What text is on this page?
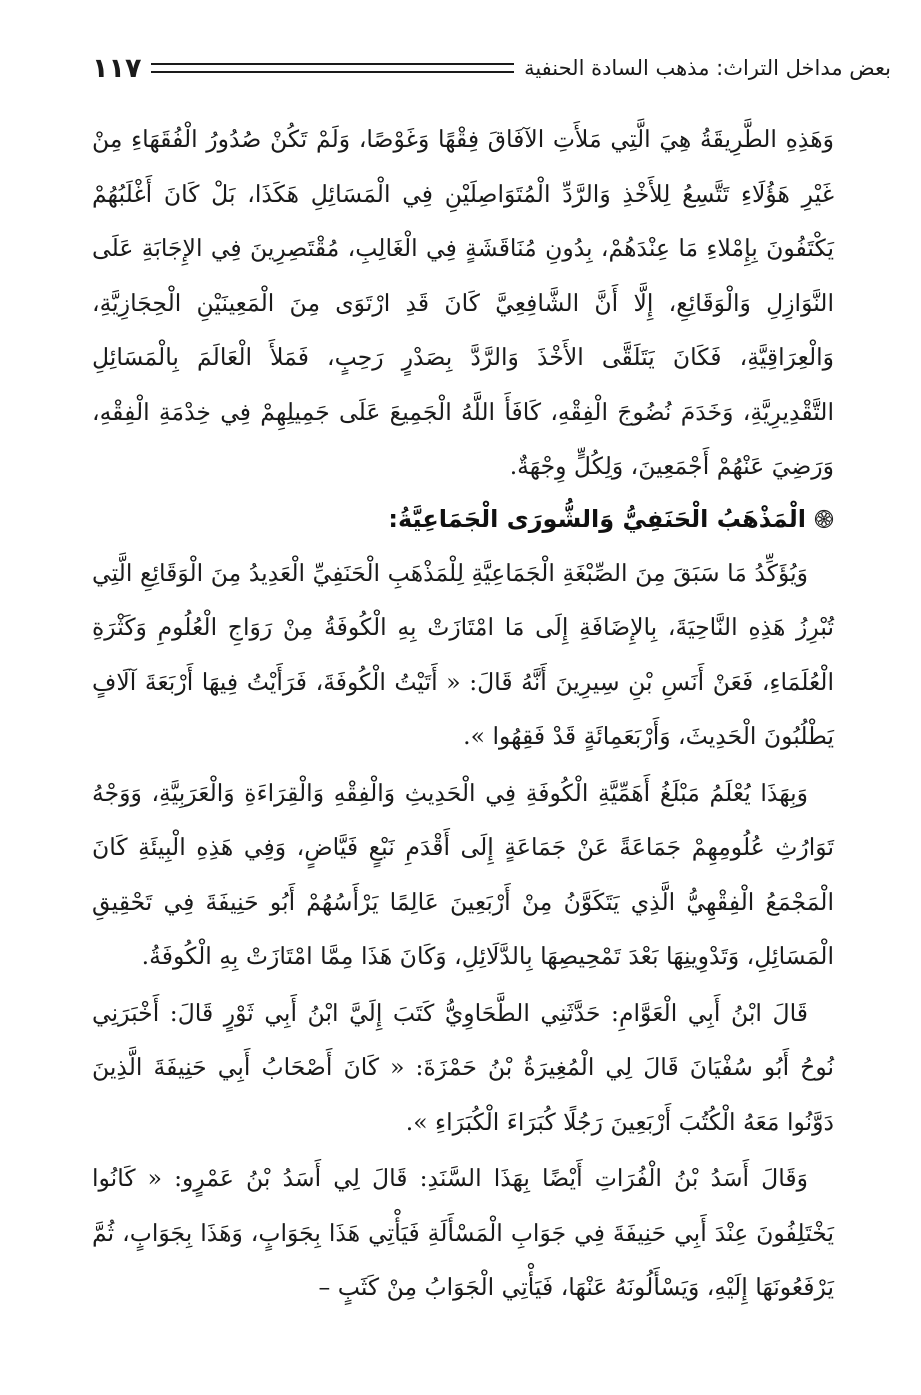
بعض مداخل التراث: مذهب السادة الحنفية
١١٧

وَهَذِهِ الطَّرِيقَةُ هِيَ الَّتِي مَلأَتِ الآفَاقَ فِقْهًا وَغَوْصًا، وَلَمْ تَكُنْ صُدُورُ الْفُقَهَاءِ مِنْ غَيْرِ هَؤُلَاءِ تَتَّسِعُ لِلأَخْذِ وَالرَّدِّ الْمُتَوَاصِلَيْنِ فِي الْمَسَائِلِ هَكَذَا، بَلْ كَانَ أَغْلَبُهُمْ يَكْتَفُونَ بِإِمْلاءِ مَا عِنْدَهُمْ، بِدُونِ مُنَاقَشَةٍ فِي الْغَالِبِ، مُقْتَصِرِينَ فِي الإِجَابَةِ عَلَى النَّوَازِلِ وَالْوَقَائِعِ، إِلَّا أَنَّ الشَّافِعِيَّ كَانَ قَدِ ارْتَوَى مِنَ الْمَعِينَيْنِ الْحِجَازِيَّةِ، وَالْعِرَاقِيَّةِ، فَكَانَ يَتَلَقَّى الأَخْذَ وَالرَّدَّ بِصَدْرٍ رَحِبٍ، فَمَلأَ الْعَالَمَ بِالْمَسَائِلِ التَّقْدِيرِيَّةِ، وَخَدَمَ نُضُوجَ الْفِقْهِ، كَافَأَ اللَّهُ الْجَمِيعَ عَلَى جَمِيلِهِمْ فِي خِدْمَةِ الْفِقْهِ، وَرَضِيَ عَنْهُمْ أَجْمَعِينَ، وَلِكُلٍّ وِجْهَةٌ.

الْمَذْهَبُ الْحَنَفِيُّ وَالشُّورَى الْجَمَاعِيَّةُ:

وَيُؤَكِّدُ مَا سَبَقَ مِنَ الصِّبْغَةِ الْجَمَاعِيَّةِ لِلْمَذْهَبِ الْحَنَفِيِّ الْعَدِيدُ مِنَ الْوَقَائِعِ الَّتِي تُبْرِزُ هَذِهِ النَّاحِيَةَ، بِالإِضَافَةِ إِلَى مَا امْتَازَتْ بِهِ الْكُوفَةُ مِنْ رَوَاجِ الْعُلُومِ وَكَثْرَةِ الْعُلَمَاءِ، فَعَنْ أَنَسِ بْنِ سِيرِينَ أَنَّهُ قَالَ: « أَتَيْتُ الْكُوفَةَ، فَرَأَيْتُ فِيهَا أَرْبَعَةَ آلَافٍ يَطْلُبُونَ الْحَدِيثَ، وَأَرْبَعَمِائَةٍ قَدْ فَقِهُوا ».

وَبِهَذَا يُعْلَمُ مَبْلَغُ أَهَمِّيَّةِ الْكُوفَةِ فِي الْحَدِيثِ وَالْفِقْهِ وَالْقِرَاءَةِ وَالْعَرَبِيَّةِ، وَوَجْهُ تَوَارُثِ عُلُومِهِمْ جَمَاعَةً عَنْ جَمَاعَةٍ إِلَى أَقْدَمِ نَبْعٍ فَيَّاضٍ، وَفِي هَذِهِ الْبِيئَةِ كَانَ الْمَجْمَعُ الْفِقْهِيُّ الَّذِي يَتَكَوَّنُ مِنْ أَرْبَعِينَ عَالِمًا يَرْأَسُهُمْ أَبُو حَنِيفَةَ فِي تَحْقِيقِ الْمَسَائِلِ، وَتَدْوِينِهَا بَعْدَ تَمْحِيصِهَا بِالدَّلَائِلِ، وَكَانَ هَذَا مِمَّا امْتَازَتْ بِهِ الْكُوفَةُ.

قَالَ ابْنُ أَبِي الْعَوَّامِ: حَدَّثَنِي الطَّحَاوِيُّ كَتَبَ إِلَيَّ ابْنُ أَبِي ثَوْرٍ قَالَ: أَخْبَرَنِي نُوحُ أَبُو سُفْيَانَ قَالَ لِي الْمُغِيرَةُ بْنُ حَمْزَةَ: « كَانَ أَصْحَابُ أَبِي حَنِيفَةَ الَّذِينَ دَوَّنُوا مَعَهُ الْكُتُبَ أَرْبَعِينَ رَجُلًا كُبَرَاءَ الْكُبَرَاءِ ».

وَقَالَ أَسَدُ بْنُ الْفُرَاتِ أَيْضًا بِهَذَا السَّنَدِ: قَالَ لِي أَسَدُ بْنُ عَمْرٍو: « كَانُوا يَخْتَلِفُونَ عِنْدَ أَبِي حَنِيفَةَ فِي جَوَابِ الْمَسْأَلَةِ فَيَأْتِي هَذَا بِجَوَابٍ، وَهَذَا بِجَوَابٍ، ثُمَّ يَرْفَعُونَهَا إِلَيْهِ، وَيَسْأَلُونَهُ عَنْهَا، فَيَأْتِي الْجَوَابُ مِنْ كَثَبٍ –
